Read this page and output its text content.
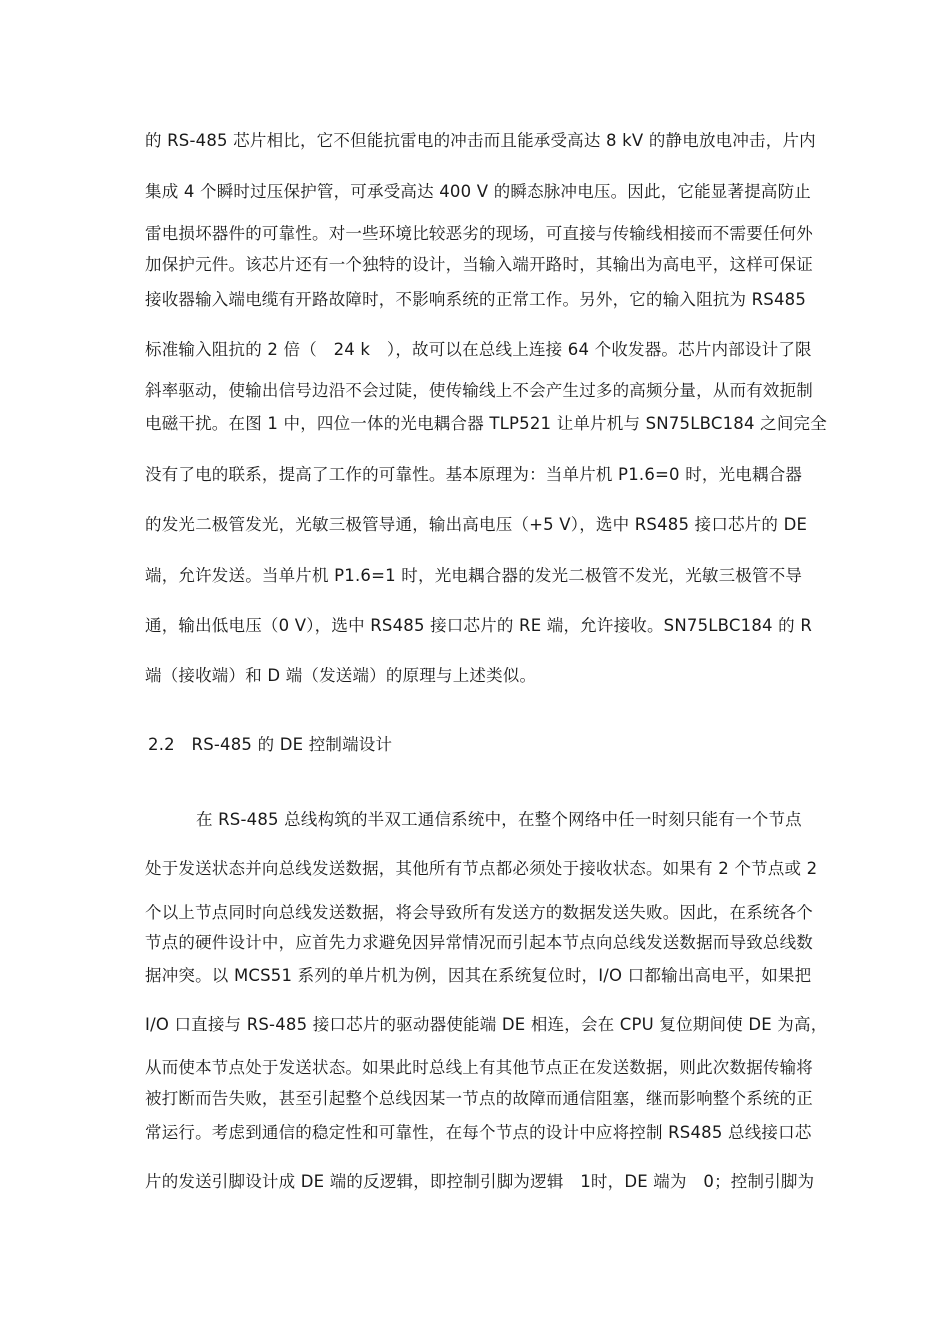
的 RS-485 芯片相比，它不但能抗雷电的冲击而且能承受高达 8 kV 的静电放电冲击，片内
集成 4 个瞬时过压保护管，可承受高达 400 V 的瞬态脉冲电压。因此，它能显著提高防止
雷电损坏器件的可靠性。对一些环境比较恶劣的现场，可直接与传输线相接而不需要任何外
加保护元件。该芯片还有一个独特的设计，当输入端开路时，其输出为高电平，这样可保证
接收器输入端电缆有开路故障时，不影响系统的正常工作。另外，它的输入阻抗为 RS485
标准输入阻抗的 2 倍（　24 k　），故可以在总线上连接 64 个收发器。芯片内部设计了限
斜率驱动，使输出信号边沿不会过陡，使传输线上不会产生过多的高频分量，从而有效扼制
电磁干扰。在图 1 中，四位一体的光电耦合器 TLP521 让单片机与 SN75LBC184 之间完全
没有了电的联系，提高了工作的可靠性。基本原理为：当单片机 P1.6=0 时，光电耦合器
的发光二极管发光，光敏三极管导通，输出高电压（+5 V），选中 RS485 接口芯片的 DE
端，允许发送。当单片机 P1.6=1 时，光电耦合器的发光二极管不发光，光敏三极管不导
通，输出低电压（0 V），选中 RS485 接口芯片的 RE 端，允许接收。SN75LBC184 的 R
端（接收端）和 D 端（发送端）的原理与上述类似。
2.2　RS-485 的 DE 控制端设计
在 RS-485 总线构筑的半双工通信系统中，在整个网络中任一时刻只能有一个节点
处于发送状态并向总线发送数据，其他所有节点都必须处于接收状态。如果有 2 个节点或 2
个以上节点同时向总线发送数据，将会导致所有发送方的数据发送失败。因此，在系统各个
节点的硬件设计中，应首先力求避免因异常情况而引起本节点向总线发送数据而导致总线数
据冲突。以 MCS51 系列的单片机为例，因其在系统复位时，I/O 口都输出高电平，如果把
I/O 口直接与 RS-485 接口芯片的驱动器使能端 DE 相连，会在 CPU 复位期间使 DE 为高，
从而使本节点处于发送状态。如果此时总线上有其他节点正在发送数据，则此次数据传输将
被打断而告失败，甚至引起整个总线因某一节点的故障而通信阻塞，继而影响整个系统的正
常运行。考虑到通信的稳定性和可靠性，在每个节点的设计中应将控制 RS485 总线接口芯
片的发送引脚设计成 DE 端的反逻辑，即控制引脚为逻辑　1时，DE 端为　0；控制引脚为
